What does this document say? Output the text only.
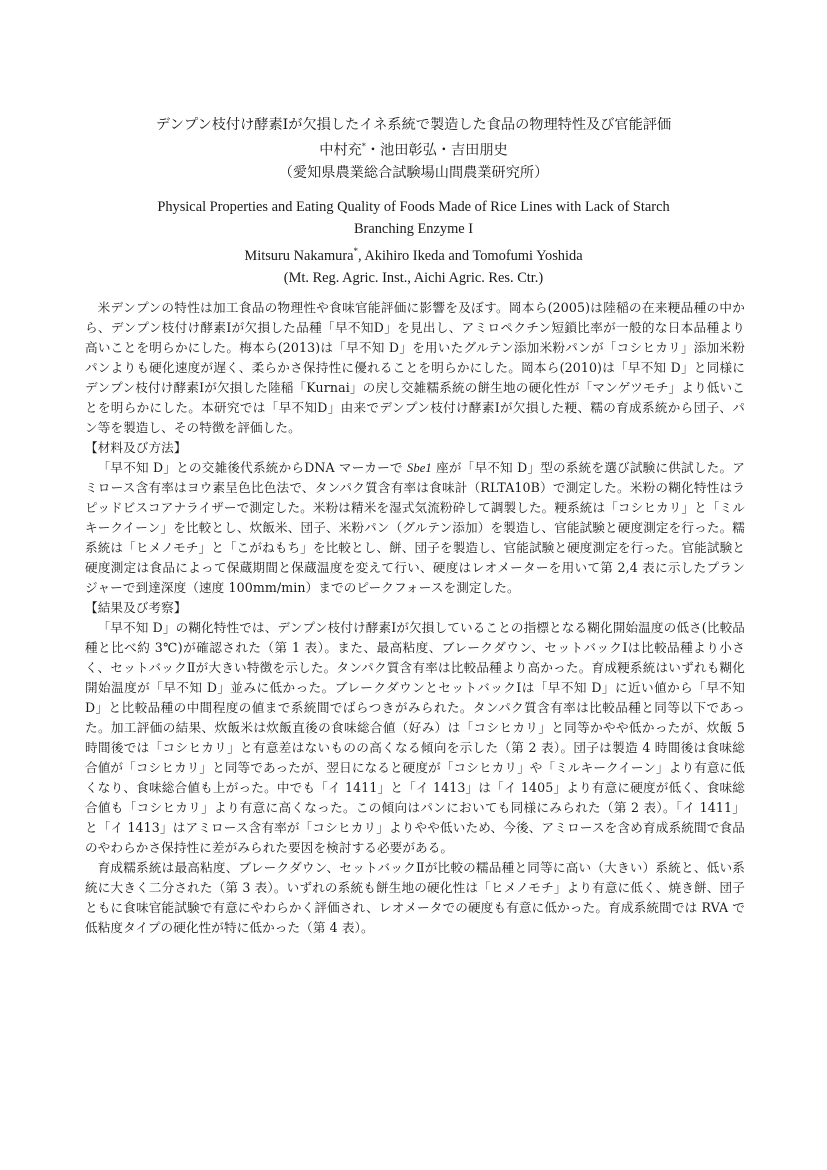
デンプン枝付け酵素Ⅰが欠損したイネ系統で製造した食品の物理特性及び官能評価
中村充*・池田彰弘・吉田朋史
（愛知県農業総合試験場山間農業研究所）
Physical Properties and Eating Quality of Foods Made of Rice Lines with Lack of Starch
Branching Enzyme I
Mitsuru Nakamura*, Akihiro Ikeda and Tomofumi Yoshida
(Mt. Reg. Agric. Inst., Aichi Agric. Res. Ctr.)

米デンプンの特性は加工食品の物理性や食味官能評価に影響を及ぼす。岡本ら(2005)は陸稲の在来粳品種の中から、デンプン枝付け酵素Ⅰが欠損した品種「早不知D」を見出し、アミロペクチン短鎖比率が一般的な日本品種より高いことを明らかにした。梅本ら(2013)は「早不知 D」を用いたグルテン添加米粉パンが「コシヒカリ」添加米粉パンよりも硬化速度が遅く、柔らかさ保持性に優れることを明らかにした。岡本ら(2010)は「早不知 D」と同様にデンプン枝付け酵素Ⅰが欠損した陸稲「Kurnai」の戻し交雑糯系統の餅生地の硬化性が「マンゲツモチ」より低いことを明らかにした。本研究では「早不知D」由来でデンプン枝付け酵素Ⅰが欠損した粳、糯の育成系統から団子、パン等を製造し、その特徴を評価した。

【材料及び方法】

「早不知 D」との交雑後代系統からDNA マーカーで Sbe1 座が「早不知 D」型の系統を選び試験に供試した。アミロース含有率はヨウ素呈色比色法で、タンパク質含有率は食味計（RLTA10B）で測定した。米粉の糊化特性はラピッドビスコアナライザーで測定した。米粉は精米を湿式気流粉砕して調製した。粳系統は「コシヒカリ」と「ミルキークイーン」を比較とし、炊飯米、団子、米粉パン（グルテン添加）を製造し、官能試験と硬度測定を行った。糯系統は「ヒメノモチ」と「こがねもち」を比較とし、餅、団子を製造し、官能試験と硬度測定を行った。官能試験と硬度測定は食品によって保蔵期間と保蔵温度を変えて行い、硬度はレオメーターを用いて第 2,4 表に示したプランジャーで到達深度（速度 100mm/min）までのピークフォースを測定した。

【結果及び考察】

「早不知 D」の糊化特性では、デンプン枝付け酵素Ⅰが欠損していることの指標となる糊化開始温度の低さ(比較品種と比べ約 3℃)が確認された（第 1 表）。また、最高粘度、ブレークダウン、セットバックⅠは比較品種より小さく、セットバックⅡが大きい特徴を示した。タンパク質含有率は比較品種より高かった。育成粳系統はいずれも糊化開始温度が「早不知 D」並みに低かった。ブレークダウンとセットバックⅠは「早不知 D」に近い値から「早不知 D」と比較品種の中間程度の値まで系統間でばらつきがみられた。タンパク質含有率は比較品種と同等以下であった。加工評価の結果、炊飯米は炊飯直後の食味総合値（好み）は「コシヒカリ」と同等かやや低かったが、炊飯 5 時間後では「コシヒカリ」と有意差はないものの高くなる傾向を示した（第 2 表）。団子は製造 4 時間後は食味総合値が「コシヒカリ」と同等であったが、翌日になると硬度が「コシヒカリ」や「ミルキークイーン」より有意に低くなり、食味総合値も上がった。中でも「イ 1411」と「イ 1413」は「イ 1405」より有意に硬度が低く、食味総合値も「コシヒカリ」より有意に高くなった。この傾向はパンにおいても同様にみられた（第 2 表）。「イ 1411」と「イ 1413」はアミロース含有率が「コシヒカリ」よりやや低いため、今後、アミロースを含め育成系統間で食品のやわらかさ保持性に差がみられた要因を検討する必要がある。

育成糯系統は最高粘度、ブレークダウン、セットバックⅡが比較の糯品種と同等に高い（大きい）系統と、低い系統に大きく二分された（第 3 表）。いずれの系統も餅生地の硬化性は「ヒメノモチ」より有意に低く、焼き餅、団子ともに食味官能試験で有意にやわらかく評価され、レオメータでの硬度も有意に低かった。育成系統間では RVA で低粘度タイプの硬化性が特に低かった（第 4 表）。
